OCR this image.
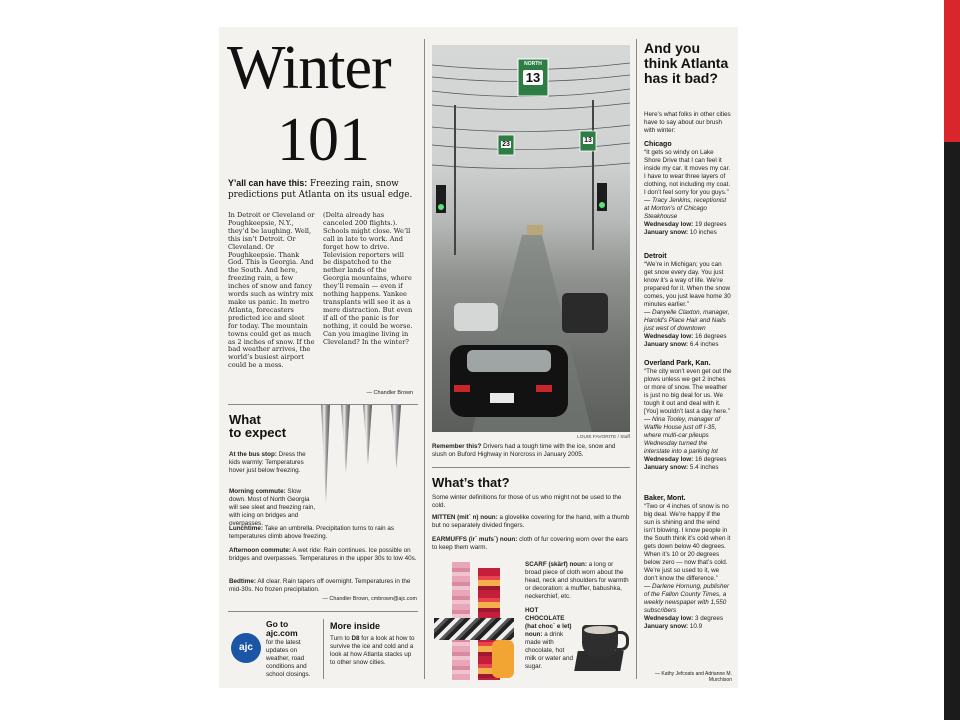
Winter
101
Y’all can have this: Freezing rain, snow predictions put Atlanta on its usual edge.
In Detroit or Cleveland or Poughkeepsie, N.Y., they’d be laughing. Well, this isn’t Detroit. Or Cleveland. Or Poughkeepsie. Thank God. This is Georgia. And the South. And here, freezing rain, a few inches of snow and fancy words such as wintry mix make us panic. In metro Atlanta, forecasters predicted ice and sleet for today. The mountain towns could get as much as 2 inches of snow. If the bad weather arrives, the world’s busiest airport could be a mess.
(Delta already has canceled 200 flights.). Schools might close. We’ll call in late to work. And forget how to drive. Television reporters will be dispatched to the nether lands of the Georgia mountains, where they’ll remain — even if nothing happens. Yankee transplants will see it as a mere distraction. But even if all of the panic is for nothing, it could be worse. Can you imagine living in Cleveland? In the winter?
— Chandler Brown
What
to expect
At the bus stop: Dress the kids warmly: Temperatures hover just below freezing.
Morning commute: Slow down. Most of North Georgia will see sleet and freezing rain, with icing on bridges and overpasses.
Lunchtime: Take an umbrella. Precipitation turns to rain as temperatures climb above freezing.
Afternoon commute: A wet ride: Rain continues. Ice possible on bridges and overpasses. Temperatures in the upper 30s to low 40s.
Bedtime: All clear. Rain tapers off overnight. Temperatures in the mid-30s. No frozen precipitation.
— Chandler Brown, cmbrown@ajc.com
ajc
Go to
ajc.com
for the latest updates on weather, road conditions and school closings.
More inside
Turn to D8 for a look at how to survive the ice and cold and a look at how Atlanta stacks up to other snow cities.
NORTH
13
23
13
LOUIE FAVORITE / Staff
Remember this? Drivers had a tough time with the ice, snow and slush on Buford Highway in Norcross in January 2005.
What’s that?
Some winter definitions for those of us who might not be used to the cold.
MITTEN (mit´ n) noun: a glovelike covering for the hand, with a thumb but no separately divided fingers.
EARMUFFS (ir´ mufs´) noun: cloth of fur covering worn over the ears to keep them warm.
SCARF (skärf) noun: a long or broad piece of cloth worn about the head, neck and shoulders for warmth or decoration: a muffler, babushka, neckerchief, etc.
HOT CHOCOLATE (hat choc´ e let) noun: a drink made with chocolate, hot milk or water and sugar.
And you think Atlanta has it bad?
Here’s what folks in other cities have to say about our brush with winter:
Chicago
“It gets so windy on Lake Shore Drive that I can feel it inside my car. It moves my car. I have to wear three layers of clothing, not including my coat. I don’t feel sorry for you guys.”
— Tracy Jenkins, receptionist at Morton’s of Chicago Steakhouse
Wednesday low: 19 degrees
January snow: 10 inches
Detroit
“We’re in Michigan; you can get snow every day. You just know it’s a way of life. We’re prepared for it. When the snow comes, you just leave home 30 minutes earlier.”
— Danyelle Claxton, manager, Harold’s Place Hair and Nails just west of downtown
Wednesday low: 16 degrees
January snow: 6.4 inches
Overland Park, Kan.
“The city won’t even get out the plows unless we get 2 inches or more of snow. The weather is just no big deal for us. We tough it out and deal with it. [You] wouldn’t last a day here.”
— Nina Tooley, manager of Waffle House just off I-35, where multi-car pileups Wednesday turned the interstate into a parking lot
Wednesday low: 16 degrees
January snow: 5.4 inches
Baker, Mont.
“Two or 4 inches of snow is no big deal. We’re happy if the sun is shining and the wind isn’t blowing. I know people in the South think it’s cold when it gets down below 40 degrees. When it’s 10 or 20 degrees below zero — now that’s cold. We’re just so used to it, we don’t know the difference.”
— Darlene Hornung, publisher of the Fallon County Times, a weekly newspaper with 1,550 subscribers
Wednesday low: 3 degrees
January snow: 10.9
— Kathy Jefcoats and Adrianne M. Murchison
